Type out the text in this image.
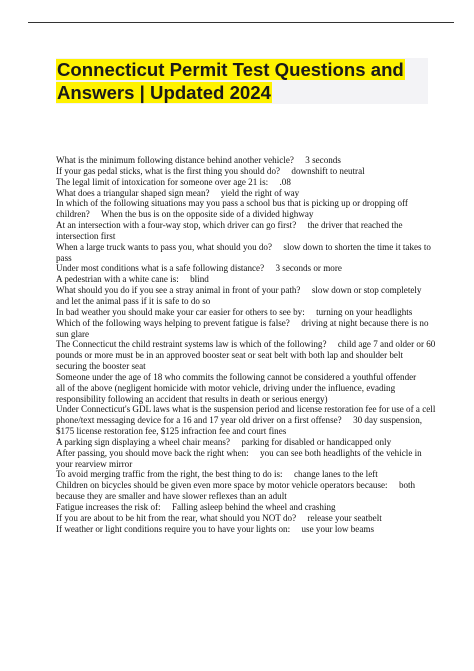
Connecticut Permit Test Questions and
Answers | Updated 2024
What is the minimum following distance behind another vehicle?  3 seconds
If your gas pedal sticks, what is the first thing you should do?  downshift to neutral
The legal limit of intoxication for someone over age 21 is:  .08
What does a triangular shaped sign mean?  yield the right of way
In which of the following situations may you pass a school bus that is picking up or dropping off children?  When the bus is on the opposite side of a divided highway
At an intersection with a four-way stop, which driver can go first?  the driver that reached the intersection first
When a large truck wants to pass you, what should you do?  slow down to shorten the time it takes to pass
Under most conditions what is a safe following distance?  3 seconds or more
A pedestrian with a white cane is:  blind
What should you do if you see a stray animal in front of your path?  slow down or stop completely and let the animal pass if it is safe to do so
In bad weather you should make your car easier for others to see by:  turning on your headlights
Which of the following ways helping to prevent fatigue is false?  driving at night because there is no sun glare
The Connecticut the child restraint systems law is which of the following?  child age 7 and older or 60 pounds or more must be in an approved booster seat or seat belt with both lap and shoulder belt securing the booster seat
Someone under the age of 18 who commits the following cannot be considered a youthful offender  all of the above (negligent homicide with motor vehicle, driving under the influence, evading responsibility following an accident that results in death or serious energy)
Under Connecticut's GDL laws what is the suspension period and license restoration fee for use of a cell phone/text messaging device for a 16 and 17 year old driver on a first offense?  30 day suspension, $175 license restoration fee, $125 infraction fee and court fines
A parking sign displaying a wheel chair means?  parking for disabled or handicapped only
After passing, you should move back the right when:  you can see both headlights of the vehicle in your rearview mirror
To avoid merging traffic from the right, the best thing to do is:  change lanes to the left
Children on bicycles should be given even more space by motor vehicle operators because:  both because they are smaller and have slower reflexes than an adult
Fatigue increases the risk of:  Falling asleep behind the wheel and crashing
If you are about to be hit from the rear, what should you NOT do?  release your seatbelt
If weather or light conditions require you to have your lights on:  use your low beams
